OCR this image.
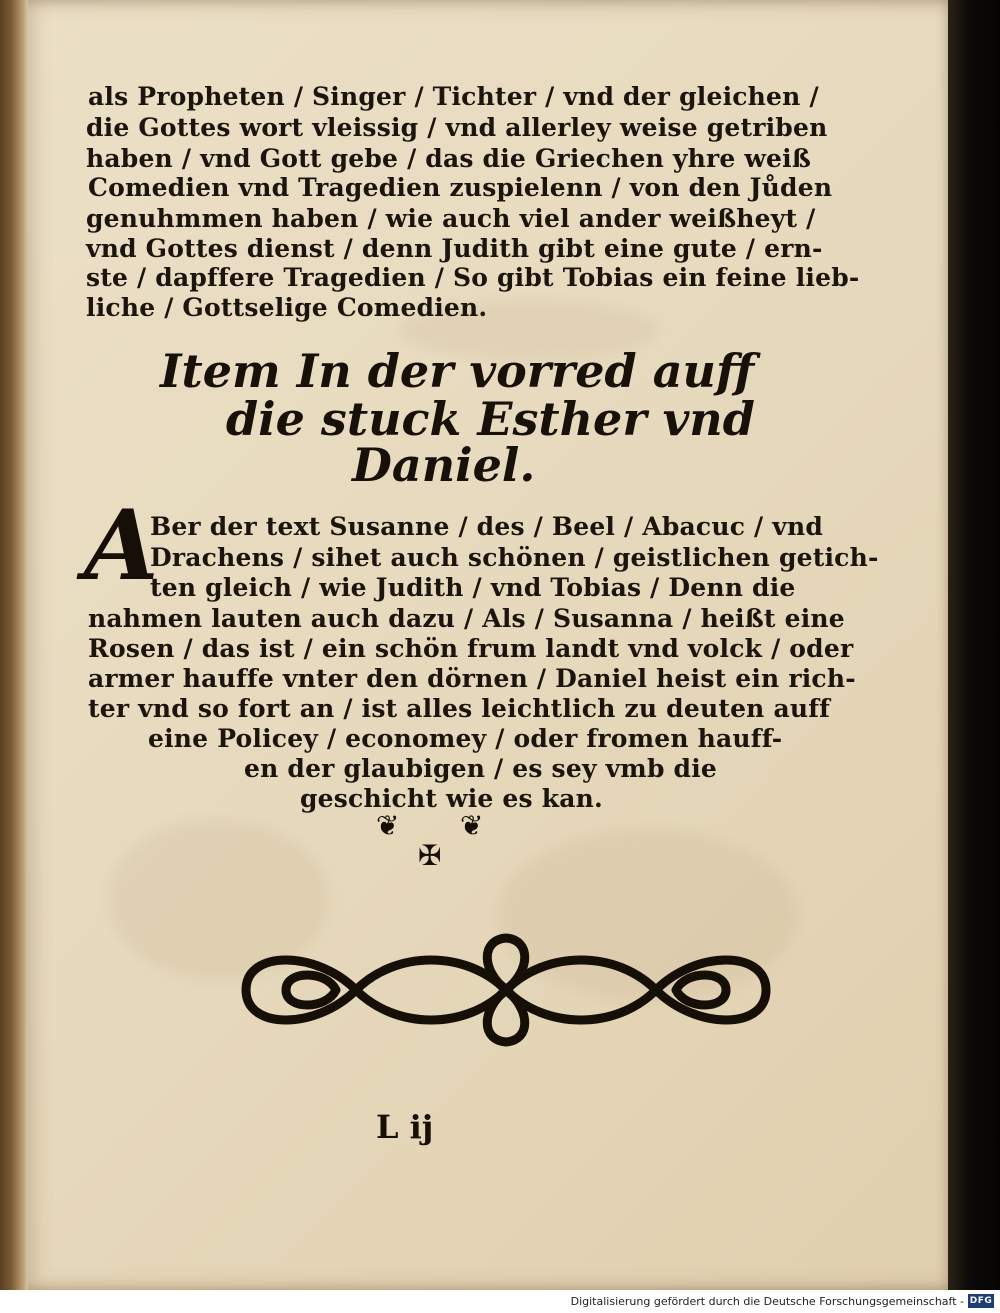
als Propheten / Singer / Tichter / vnd der gleichen /
die Gottes wort vleissig / vnd allerley weise getriben
haben / vnd Gott gebe / das die Griechen yhre weiß
Comedien vnd Tragedien zuspielenn / von den Jůden
genuhmmen haben / wie auch viel ander weißheyt /
vnd Gottes dienst / denn Judith gibt eine gute / ern-
ste / dapffere Tragedien / So gibt Tobias ein feine lieb-
liche / Gottselige Comedien.
Item In der vorred auff
die stuck Esther vnd
Daniel.
A
Ber der text Susanne / des / Beel / Abacuc / vnd
Drachens / sihet auch schönen / geistlichen getich-
ten gleich / wie Judith / vnd Tobias / Denn die
nahmen lauten auch dazu / Als / Susanna / heißt eine
Rosen / das ist / ein schön frum landt vnd volck / oder
armer hauffe vnter den dörnen / Daniel heist ein rich-
ter vnd so fort an / ist alles leichtlich zu deuten auff
eine Policey / economey / oder fromen hauff-
en der glaubigen / es sey vmb die
geschicht wie es kan.
❦ ❦
✠
L ij
Digitalisierung gefördert durch die Deutsche Forschungsgemeinschaft - DFG
